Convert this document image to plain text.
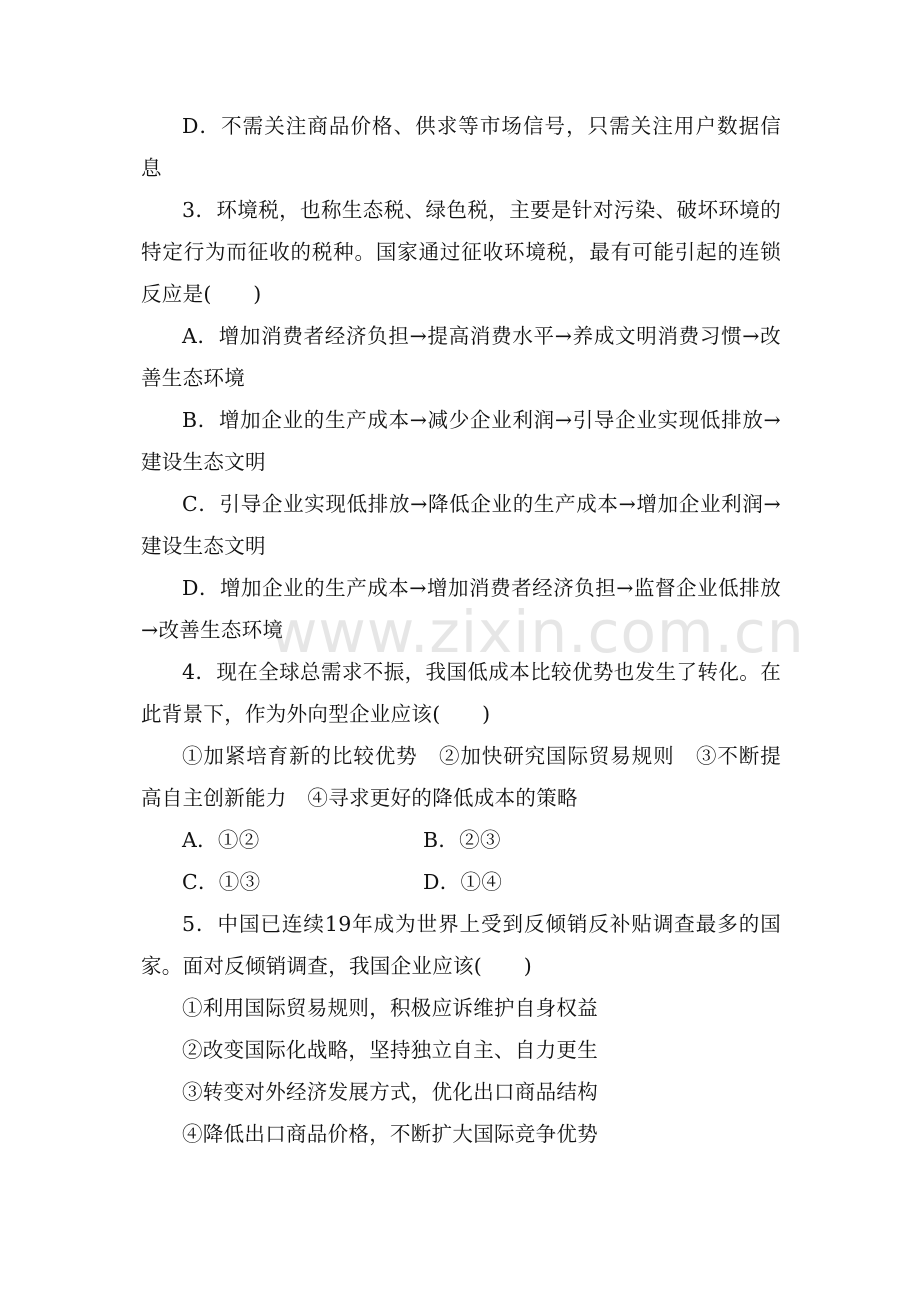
D．不需关注商品价格、供求等市场信号，只需关注用户数据信息

3．环境税，也称生态税、绿色税，主要是针对污染、破坏环境的特定行为而征收的税种。国家通过征收环境税，最有可能引起的连锁反应是(　　)

A．增加消费者经济负担→提高消费水平→养成文明消费习惯→改善生态环境

B．增加企业的生产成本→减少企业利润→引导企业实现低排放→建设生态文明

C．引导企业实现低排放→降低企业的生产成本→增加企业利润→建设生态文明

D．增加企业的生产成本→增加消费者经济负担→监督企业低排放→改善生态环境

4．现在全球总需求不振，我国低成本比较优势也发生了转化。在此背景下，作为外向型企业应该(　　)

①加紧培育新的比较优势　②加快研究国际贸易规则　③不断提高自主创新能力　④寻求更好的降低成本的策略

A．①②	B．②③
C．①③	D．①④

5．中国已连续19年成为世界上受到反倾销反补贴调查最多的国家。面对反倾销调查，我国企业应该(　　)

①利用国际贸易规则，积极应诉维护自身权益

②改变国际化战略，坚持独立自主、自力更生

③转变对外经济发展方式，优化出口商品结构

④降低出口商品价格，不断扩大国际竞争优势

www.zixin.com.cn
